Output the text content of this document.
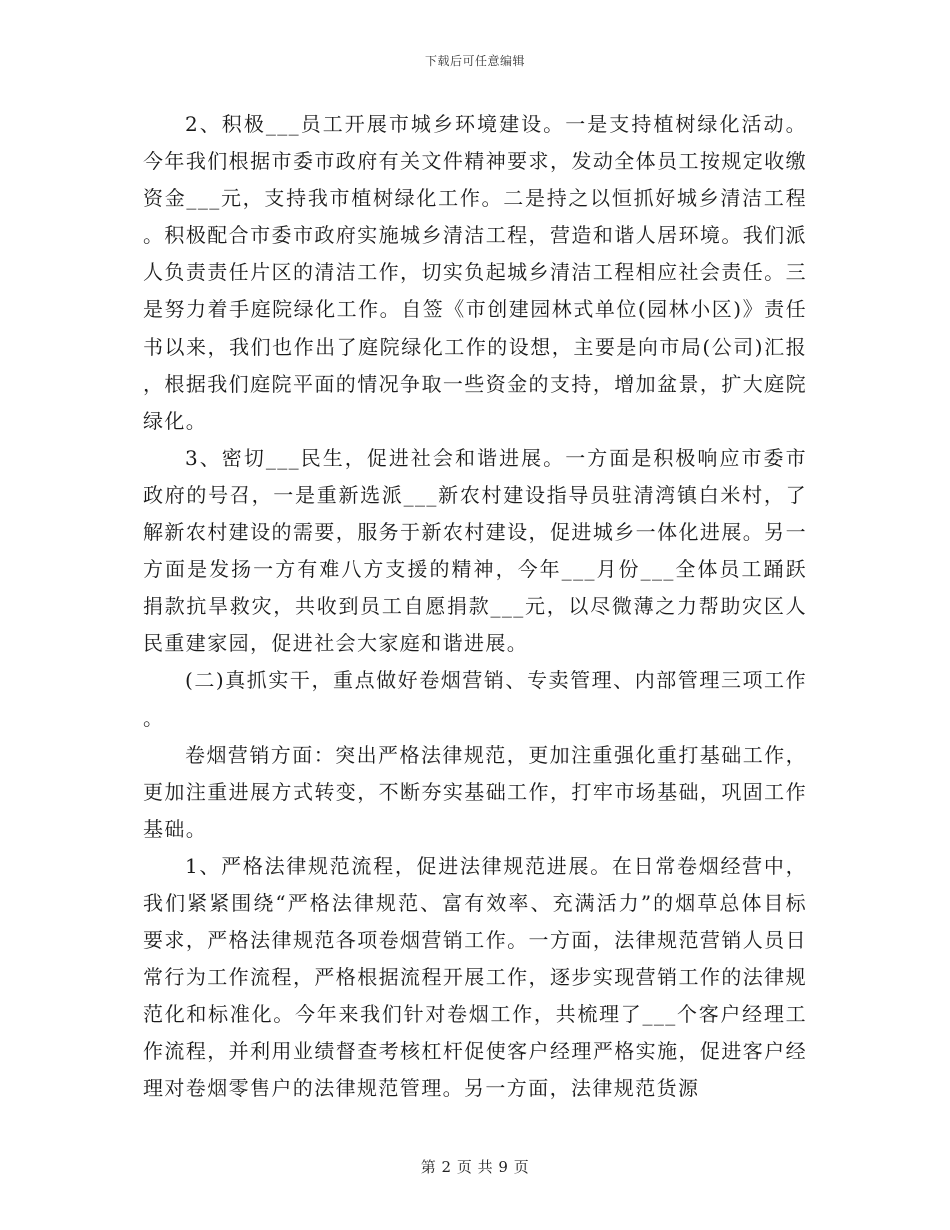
下载后可任意编辑

2、积极___员工开展市城乡环境建设。一是支持植树绿化活动。今年我们根据市委市政府有关文件精神要求，发动全体员工按规定收缴资金___元，支持我市植树绿化工作。二是持之以恒抓好城乡清洁工程。积极配合市委市政府实施城乡清洁工程，营造和谐人居环境。我们派人负责责任片区的清洁工作，切实负起城乡清洁工程相应社会责任。三是努力着手庭院绿化工作。自签《市创建园林式单位(园林小区)》责任书以来，我们也作出了庭院绿化工作的设想，主要是向市局(公司)汇报，根据我们庭院平面的情况争取一些资金的支持，增加盆景，扩大庭院绿化。

3、密切___民生，促进社会和谐进展。一方面是积极响应市委市政府的号召，一是重新选派___新农村建设指导员驻清湾镇白米村，了解新农村建设的需要，服务于新农村建设，促进城乡一体化进展。另一方面是发扬一方有难八方支援的精神，今年___月份___全体员工踊跃捐款抗旱救灾，共收到员工自愿捐款___元，以尽微薄之力帮助灾区人民重建家园，促进社会大家庭和谐进展。

(二)真抓实干，重点做好卷烟营销、专卖管理、内部管理三项工作。

卷烟营销方面：突出严格法律规范，更加注重强化重打基础工作，更加注重进展方式转变，不断夯实基础工作，打牢市场基础，巩固工作基础。

1、严格法律规范流程，促进法律规范进展。在日常卷烟经营中，我们紧紧围绕“严格法律规范、富有效率、充满活力”的烟草总体目标要求，严格法律规范各项卷烟营销工作。一方面，法律规范营销人员日常行为工作流程，严格根据流程开展工作，逐步实现营销工作的法律规范化和标准化。今年来我们针对卷烟工作，共梳理了___个客户经理工作流程，并利用业绩督查考核杠杆促使客户经理严格实施，促进客户经理对卷烟零售户的法律规范管理。另一方面，法律规范货源

第 2 页 共 9 页
